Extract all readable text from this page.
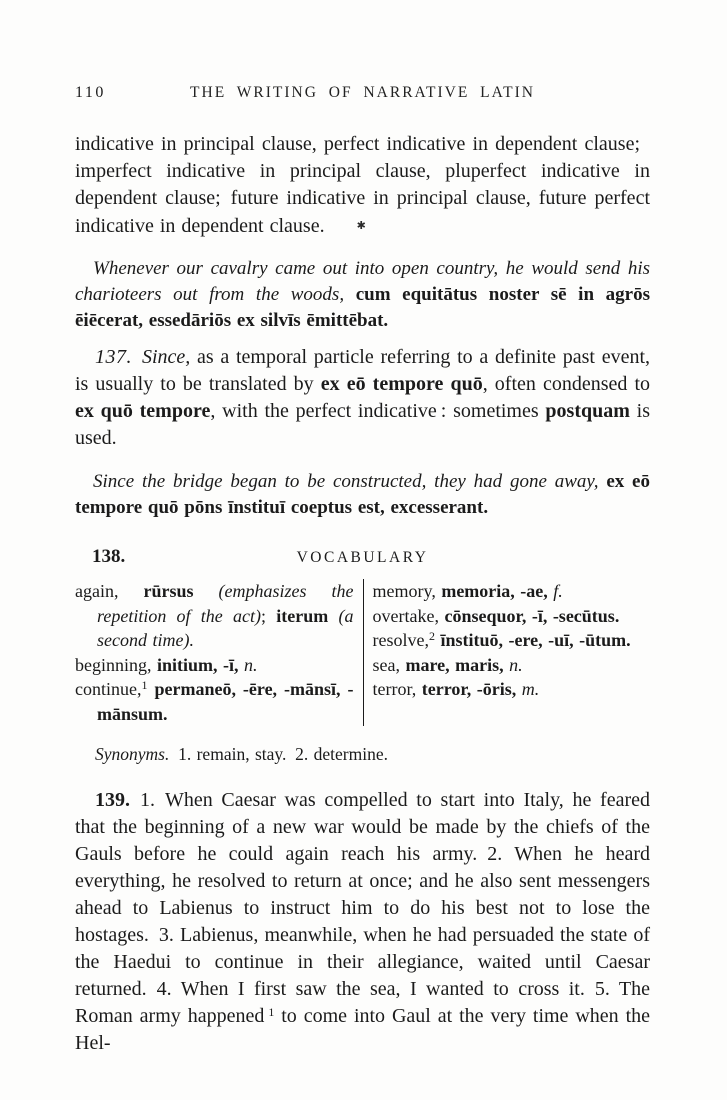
110	THE WRITING OF NARRATIVE LATIN

indicative in principal clause, perfect indicative in dependent clause; imperfect indicative in principal clause, pluperfect indicative in dependent clause; future indicative in principal clause, future perfect indicative in dependent clause.	✱

Whenever our cavalry came out into open country, he would send his charioteers out from the woods, cum equitātus noster sē in agrōs ēiēcerat, essedāriōs ex silvīs ēmittēbat.

137.  Since, as a temporal particle referring to a definite past event, is usually to be translated by ex eō tempore quō, often condensed to ex quō tempore, with the perfect indicative : sometimes postquam is used.

Since the bridge began to be constructed, they had gone away, ex eō tempore quō pōns īnstituī coeptus est, excesserant.

138.	VOCABULARY

again, rūrsus (emphasizes the repetition of the act); iterum (a second time).

beginning, initium, -ī, n.

continue,$^1$ permaneō, -ēre, -mānsī, -mānsum.

memory, memoria, -ae, f.

overtake, cōnsequor, -ī, -secūtus.

resolve,$^2$ īnstituō, -ere, -uī, -ūtum.

sea, mare, maris, n.

terror, terror, -ōris, m.

Synonyms. 1. remain, stay. 2. determine.

139. 1. When Caesar was compelled to start into Italy, he feared that the beginning of a new war would be made by the chiefs of the Gauls before he could again reach his army. 2. When he heard everything, he resolved to return at once; and he also sent messengers ahead to Labienus to instruct him to do his best not to lose the hostages. 3. Labienus, meanwhile, when he had persuaded the state of the Haedui to continue in their allegiance, waited until Caesar returned. 4. When I first saw the sea, I wanted to cross it. 5. The Roman army happened  $^1$ to come into Gaul at the very time when the Hel-
